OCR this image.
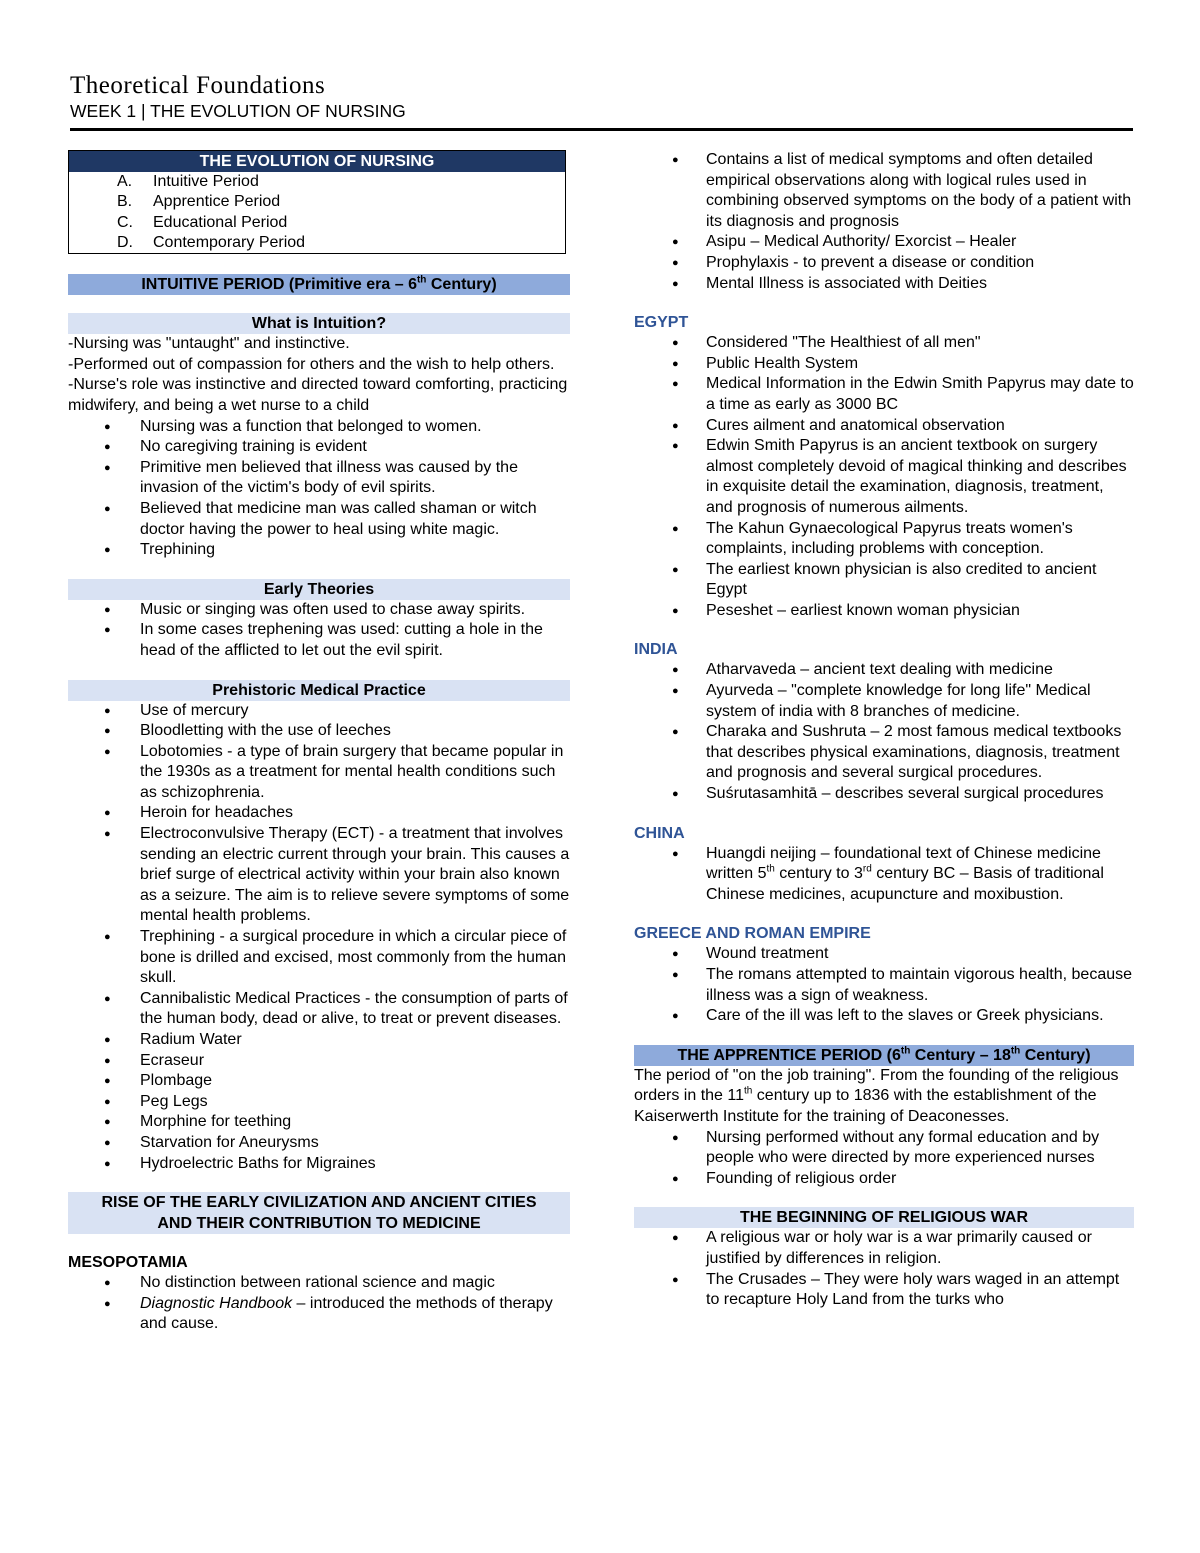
Theoretical Foundations
WEEK 1 | THE EVOLUTION OF NURSING
THE EVOLUTION OF NURSING
A.	Intuitive Period
B.	Apprentice Period
C.	Educational Period
D.	Contemporary Period
INTUITIVE PERIOD (Primitive era – 6th Century)
What is Intuition?
-Nursing was "untaught" and instinctive.
-Performed out of compassion for others and the wish to help others.
-Nurse's role was instinctive and directed toward comforting, practicing midwifery, and being a wet nurse to a child
● Nursing was a function that belonged to women.
● No caregiving training is evident
● Primitive men believed that illness was caused by the invasion of the victim's body of evil spirits.
● Believed that medicine man was called shaman or witch doctor having the power to heal using white magic.
● Trephining
Early Theories
● Music or singing was often used to chase away spirits.
● In some cases trephening was used: cutting a hole in the head of the afflicted to let out the evil spirit.
Prehistoric Medical Practice
● Use of mercury
● Bloodletting with the use of leeches
● Lobotomies - a type of brain surgery that became popular in the 1930s as a treatment for mental health conditions such as schizophrenia.
● Heroin for headaches
● Electroconvulsive Therapy (ECT) - a treatment that involves sending an electric current through your brain. This causes a brief surge of electrical activity within your brain also known as a seizure. The aim is to relieve severe symptoms of some mental health problems.
● Trephining - a surgical procedure in which a circular piece of bone is drilled and excised, most commonly from the human skull.
● Cannibalistic Medical Practices - the consumption of parts of the human body, dead or alive, to treat or prevent diseases.
● Radium Water
● Ecraseur
● Plombage
● Peg Legs
● Morphine for teething
● Starvation for Aneurysms
● Hydroelectric Baths for Migraines
RISE OF THE EARLY CIVILIZATION AND ANCIENT CITIES
AND THEIR CONTRIBUTION TO MEDICINE
MESOPOTAMIA
● No distinction between rational science and magic
● Diagnostic Handbook – introduced the methods of therapy and cause.
● Contains a list of medical symptoms and often detailed empirical observations along with logical rules used in combining observed symptoms on the body of a patient with its diagnosis and prognosis
● Asipu – Medical Authority/ Exorcist – Healer
● Prophylaxis - to prevent a disease or condition
● Mental Illness is associated with Deities
EGYPT
● Considered "The Healthiest of all men"
● Public Health System
● Medical Information in the Edwin Smith Papyrus may date to a time as early as 3000 BC
● Cures ailment and anatomical observation
● Edwin Smith Papyrus is an ancient textbook on surgery almost completely devoid of magical thinking and describes in exquisite detail the examination, diagnosis, treatment, and prognosis of numerous ailments.
● The Kahun Gynaecological Papyrus treats women's complaints, including problems with conception.
● The earliest known physician is also credited to ancient Egypt
● Peseshet – earliest known woman physician
INDIA
● Atharvaveda – ancient text dealing with medicine
● Ayurveda – "complete knowledge for long life" Medical system of india with 8 branches of medicine.
● Charaka and Sushruta – 2 most famous medical textbooks that describes physical examinations, diagnosis, treatment and prognosis and several surgical procedures.
● Suśrutasamhitā – describes several surgical procedures
CHINA
● Huangdi neijing – foundational text of Chinese medicine written 5th century to 3rd century BC – Basis of traditional Chinese medicines, acupuncture and moxibustion.
GREECE AND ROMAN EMPIRE
● Wound treatment
● The romans attempted to maintain vigorous health, because illness was a sign of weakness.
● Care of the ill was left to the slaves or Greek physicians.
THE APPRENTICE PERIOD (6th Century – 18th Century)
The period of "on the job training". From the founding of the religious orders in the 11th century up to 1836 with the establishment of the Kaiserwerth Institute for the training of Deaconesses.
● Nursing performed without any formal education and by people who were directed by more experienced nurses
● Founding of religious order
THE BEGINNING OF RELIGIOUS WAR
● A religious war or holy war is a war primarily caused or justified by differences in religion.
● The Crusades – They were holy wars waged in an attempt to recapture Holy Land from the turks who
